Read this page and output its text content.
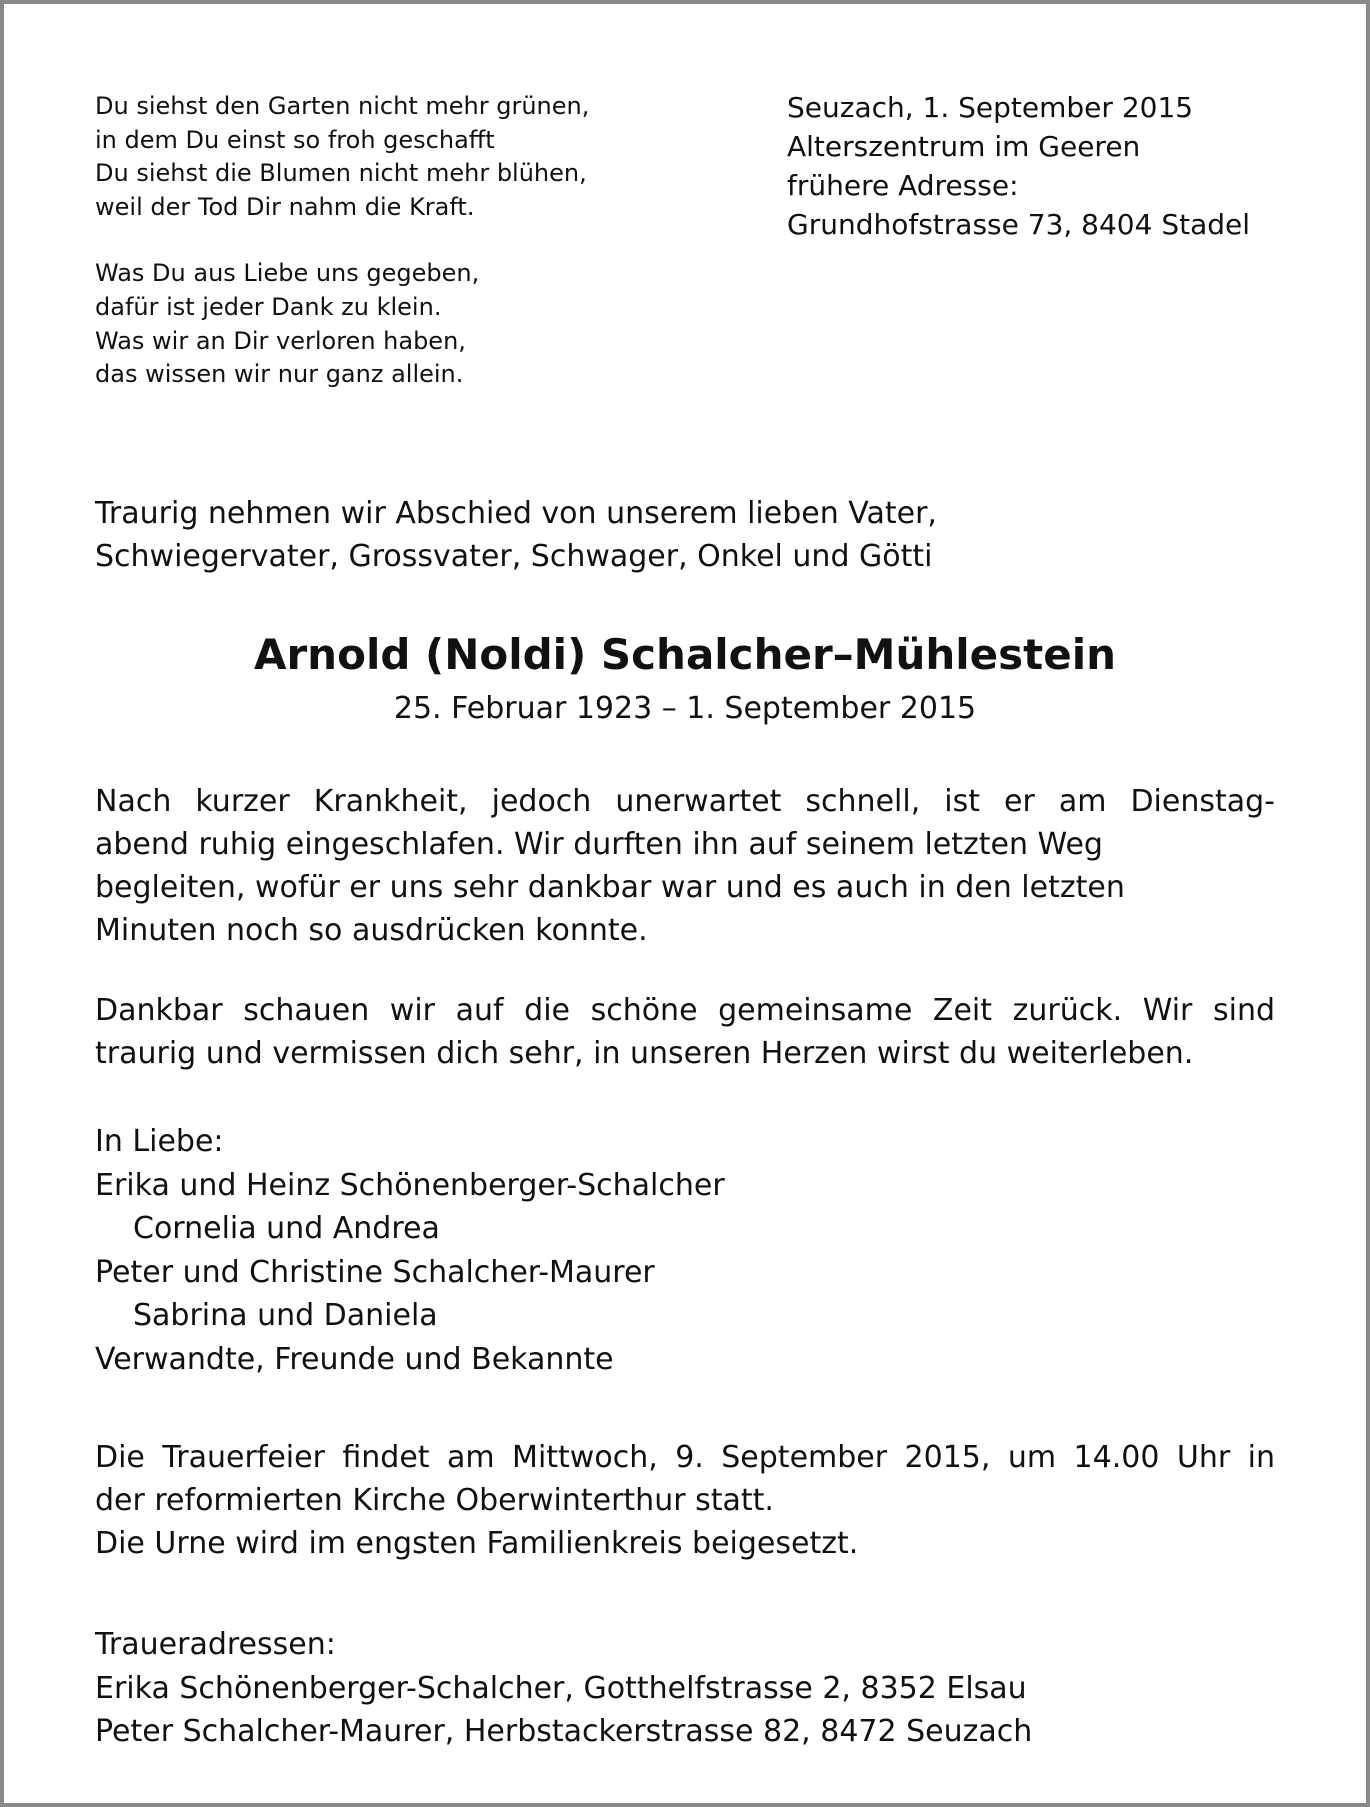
Du siehst den Garten nicht mehr grünen,
in dem Du einst so froh geschafft
Du siehst die Blumen nicht mehr blühen,
weil der Tod Dir nahm die Kraft.
Was Du aus Liebe uns gegeben,
dafür ist jeder Dank zu klein.
Was wir an Dir verloren haben,
das wissen wir nur ganz allein.
Seuzach, 1. September 2015
Alterszentrum im Geeren
frühere Adresse:
Grundhofstrasse 73, 8404 Stadel
Traurig nehmen wir Abschied von unserem lieben Vater,
Schwiegervater, Grossvater, Schwager, Onkel und Götti
Arnold (Noldi) Schalcher–Mühlestein
25. Februar 1923 – 1. September 2015
Nach kurzer Krankheit, jedoch unerwartet schnell, ist er am Dienstag-
abend ruhig eingeschlafen. Wir durften ihn auf seinem letzten Weg
begleiten, wofür er uns sehr dankbar war und es auch in den letzten
Minuten noch so ausdrücken konnte.
Dankbar schauen wir auf die schöne gemeinsame Zeit zurück. Wir sind
traurig und vermissen dich sehr, in unseren Herzen wirst du weiterleben.
In Liebe:
Erika und Heinz Schönenberger-Schalcher
Cornelia und Andrea
Peter und Christine Schalcher-Maurer
Sabrina und Daniela
Verwandte, Freunde und Bekannte
Die Trauerfeier findet am Mittwoch, 9. September 2015, um 14.00 Uhr in
der reformierten Kirche Oberwinterthur statt.
Die Urne wird im engsten Familienkreis beigesetzt.
Traueradressen:
Erika Schönenberger-Schalcher, Gotthelfstrasse 2, 8352 Elsau
Peter Schalcher-Maurer, Herbstackerstrasse 82, 8472 Seuzach
